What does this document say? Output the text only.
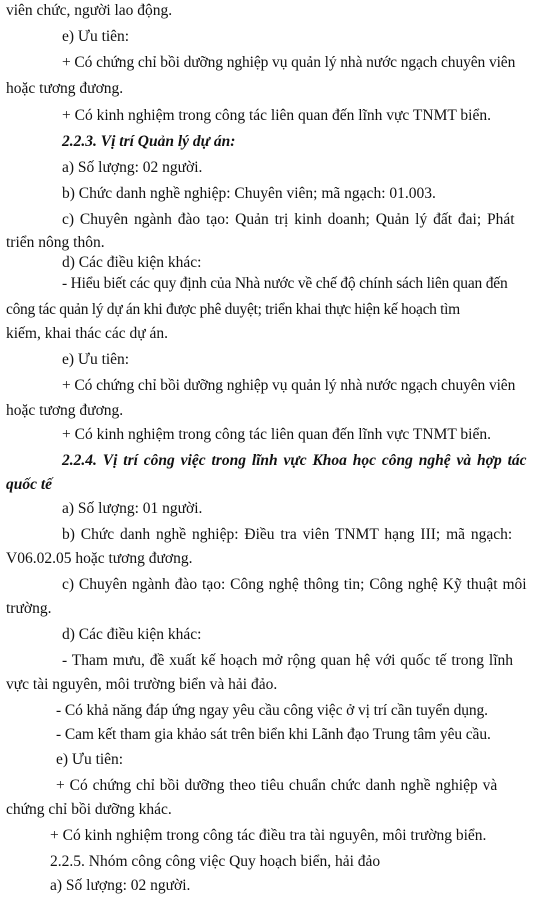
viên chức, người lao động.
e) Ưu tiên:
+ Có chứng chỉ bồi dưỡng nghiệp vụ quản lý nhà nước ngạch chuyên viên
hoặc tương đương.
+ Có kinh nghiệm trong công tác liên quan đến lĩnh vực TNMT biển.
2.2.3. Vị trí Quản lý dự án:
a) Số lượng: 02 người.
b) Chức danh nghề nghiệp: Chuyên viên; mã ngạch: 01.003.
c) Chuyên ngành đào tạo: Quản trị kinh doanh; Quản lý đất đai; Phát
triển nông thôn.
d) Các điều kiện khác:
- Hiểu biết các quy định của Nhà nước về chế độ chính sách liên quan đến
công tác quản lý dự án khi được phê duyệt; triển khai thực hiện kế hoạch tìm
kiếm, khai thác các dự án.
e) Ưu tiên:
+ Có chứng chỉ bồi dưỡng nghiệp vụ quản lý nhà nước ngạch chuyên viên
hoặc tương đương.
+ Có kinh nghiệm trong công tác liên quan đến lĩnh vực TNMT biển.
2.2.4. Vị trí công việc trong lĩnh vực Khoa học công nghệ và hợp tác
quốc tế
a) Số lượng: 01 người.
b) Chức danh nghề nghiệp: Điều tra viên TNMT hạng III; mã ngạch:
V06.02.05 hoặc tương đương.
c) Chuyên ngành đào tạo: Công nghệ thông tin; Công nghệ Kỹ thuật môi
trường.
d) Các điều kiện khác:
- Tham mưu, đề xuất kế hoạch mở rộng quan hệ với quốc tế trong lĩnh
vực tài nguyên, môi trường biển và hải đảo.
- Có khả năng đáp ứng ngay yêu cầu công việc ở vị trí cần tuyển dụng.
- Cam kết tham gia khảo sát trên biển khi Lãnh đạo Trung tâm yêu cầu.
e) Ưu tiên:
+ Có chứng chỉ bồi dưỡng theo tiêu chuẩn chức danh nghề nghiệp và
chứng chỉ bồi dưỡng khác.
+ Có kinh nghiệm trong công tác điều tra tài nguyên, môi trường biển.
2.2.5. Nhóm công công việc Quy hoạch biển, hải đảo
a) Số lượng: 02 người.
